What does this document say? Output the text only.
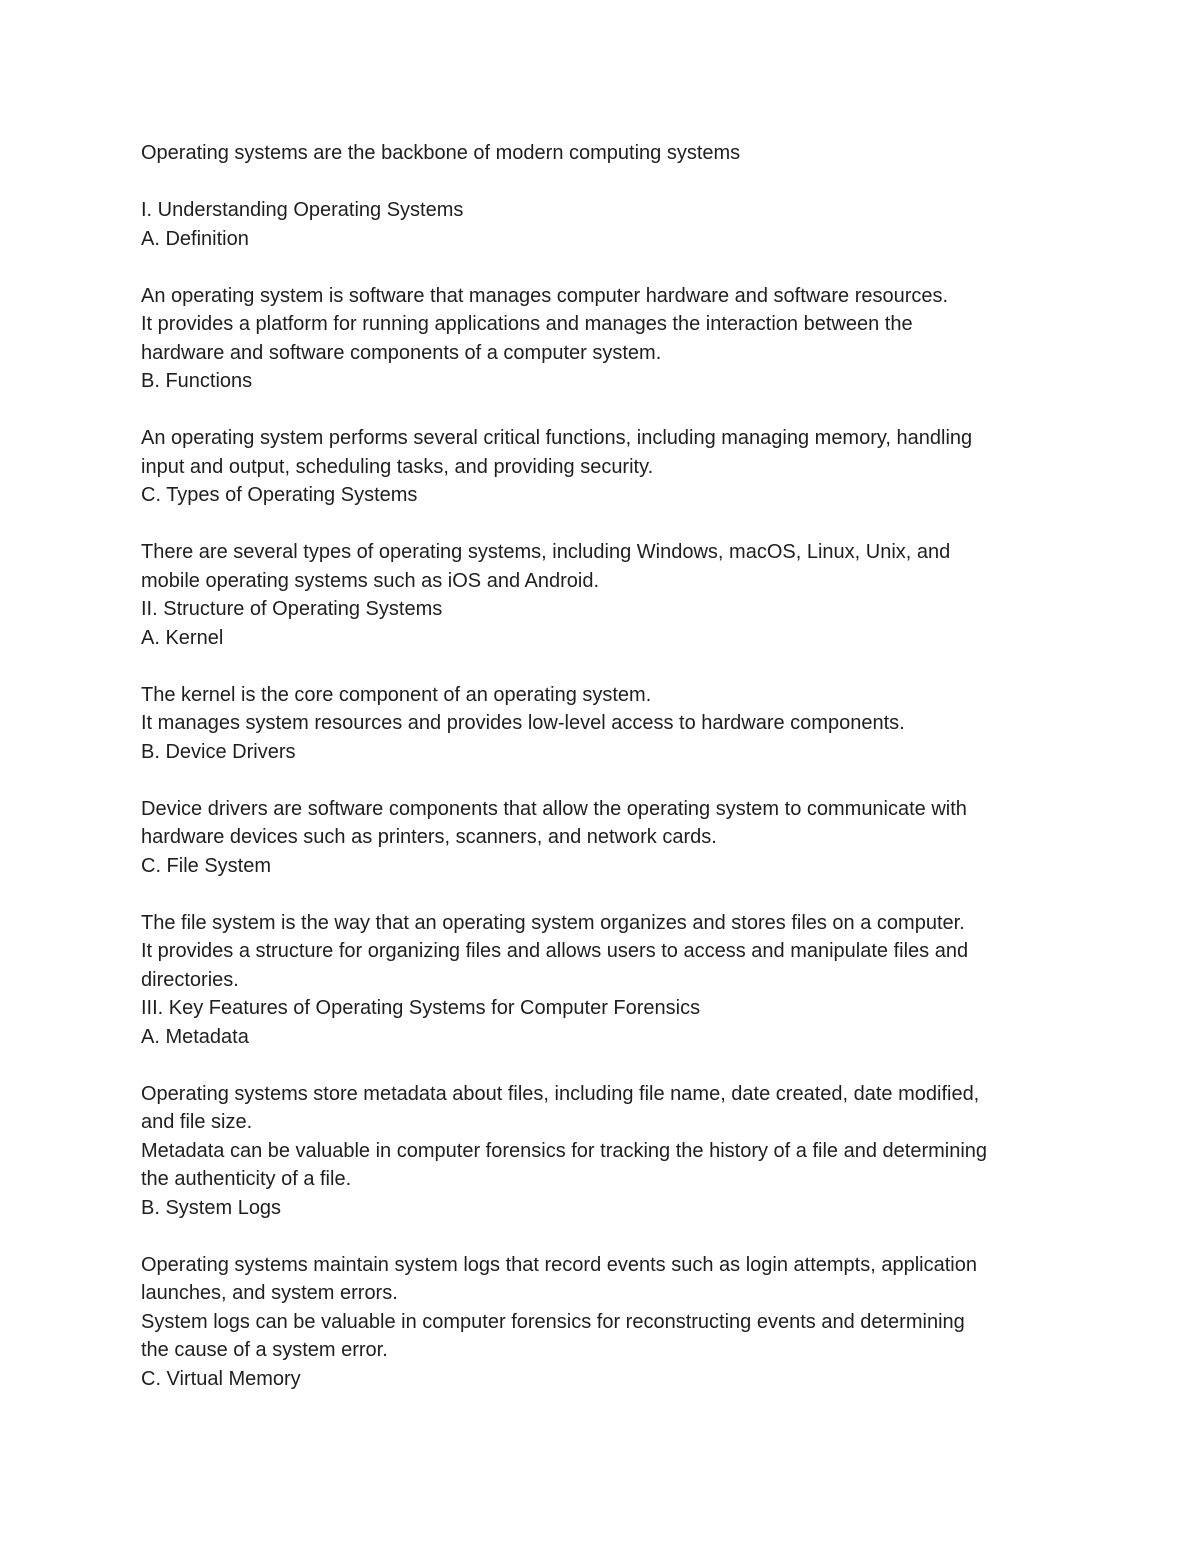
Operating systems are the backbone of modern computing systems
I. Understanding Operating Systems
A. Definition
An operating system is software that manages computer hardware and software resources.
It provides a platform for running applications and manages the interaction between the
hardware and software components of a computer system.
B. Functions
An operating system performs several critical functions, including managing memory, handling
input and output, scheduling tasks, and providing security.
C. Types of Operating Systems
There are several types of operating systems, including Windows, macOS, Linux, Unix, and
mobile operating systems such as iOS and Android.
II. Structure of Operating Systems
A. Kernel
The kernel is the core component of an operating system.
It manages system resources and provides low-level access to hardware components.
B. Device Drivers
Device drivers are software components that allow the operating system to communicate with
hardware devices such as printers, scanners, and network cards.
C. File System
The file system is the way that an operating system organizes and stores files on a computer.
It provides a structure for organizing files and allows users to access and manipulate files and
directories.
III. Key Features of Operating Systems for Computer Forensics
A. Metadata
Operating systems store metadata about files, including file name, date created, date modified,
and file size.
Metadata can be valuable in computer forensics for tracking the history of a file and determining
the authenticity of a file.
B. System Logs
Operating systems maintain system logs that record events such as login attempts, application
launches, and system errors.
System logs can be valuable in computer forensics for reconstructing events and determining
the cause of a system error.
C. Virtual Memory
